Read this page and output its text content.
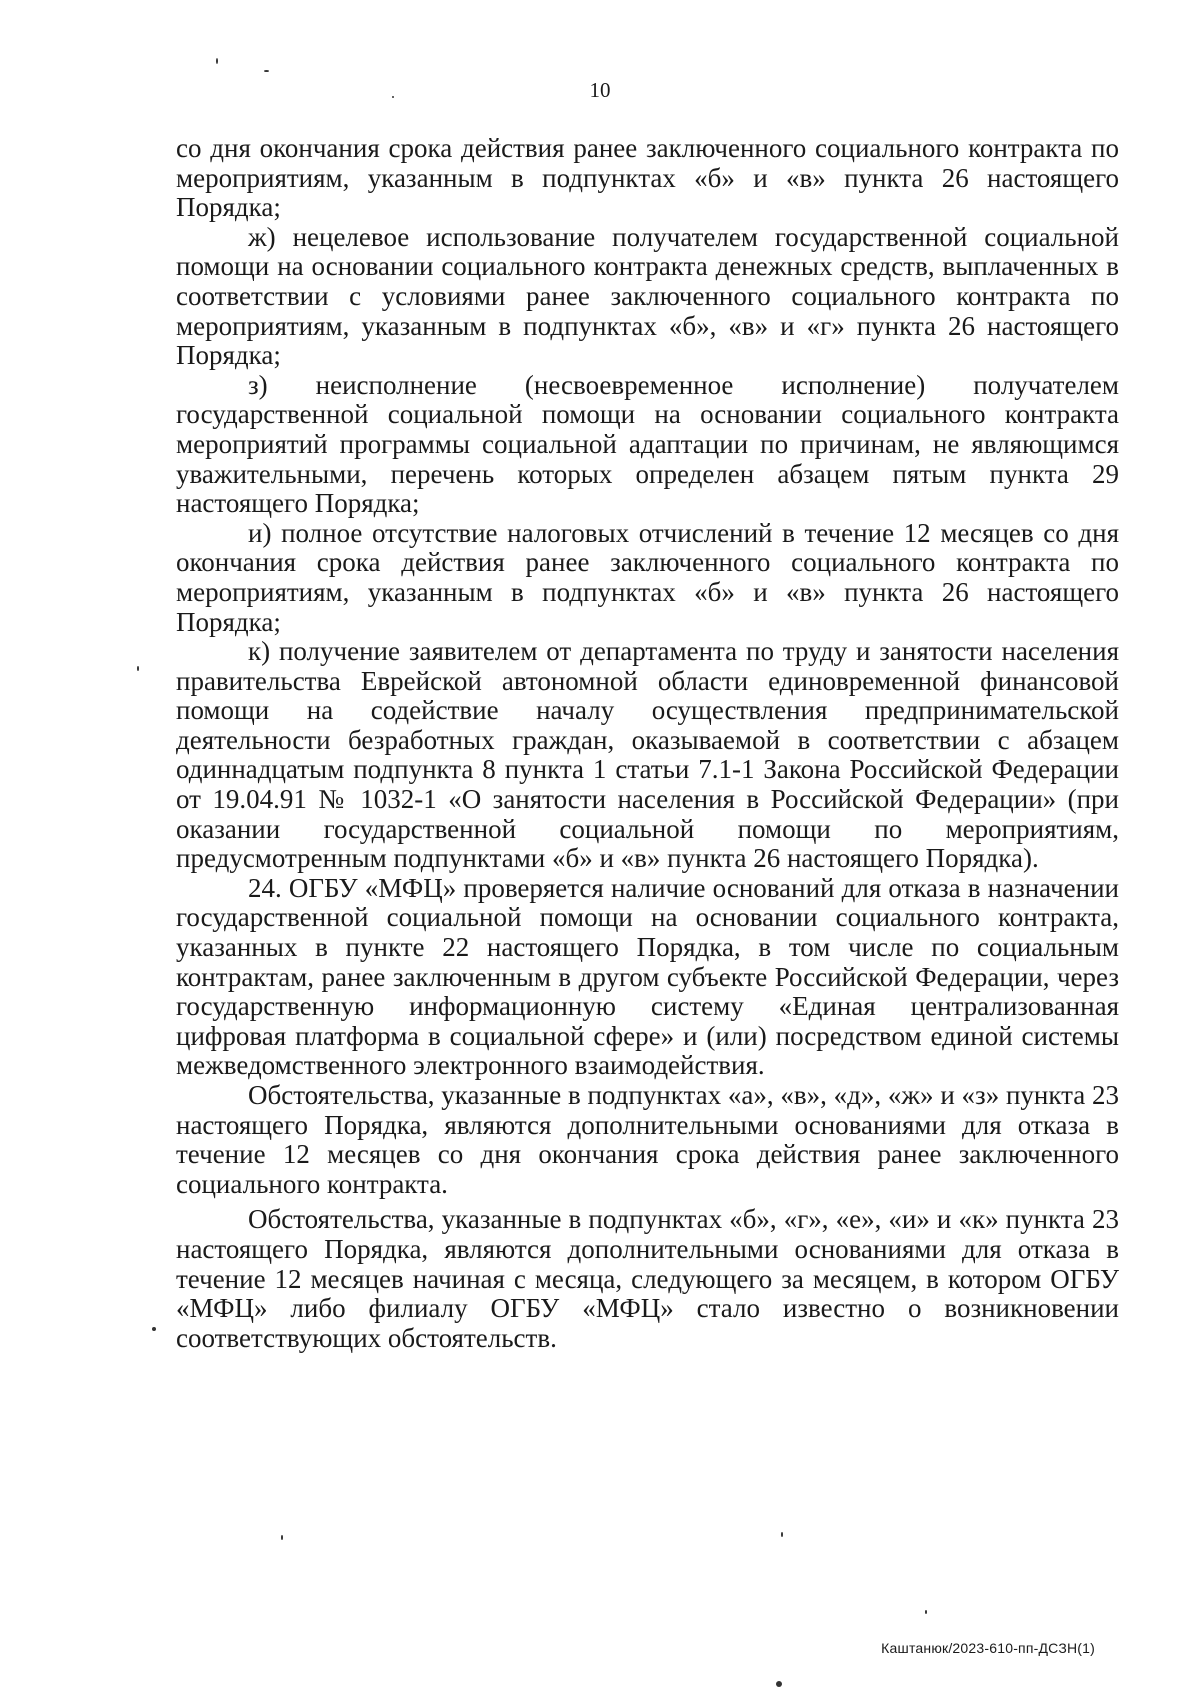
10

со дня окончания срока действия ранее заключенного социального контракта по мероприятиям, указанным в подпунктах «б» и «в» пункта 26 настоящего Порядка;

ж) нецелевое использование получателем государственной социальной помощи на основании социального контракта денежных средств, выплаченных в соответствии с условиями ранее заключенного социального контракта по мероприятиям, указанным в подпунктах «б», «в» и «г» пункта 26 настоящего Порядка;

з) неисполнение (несвоевременное исполнение) получателем государственной социальной помощи на основании социального контракта мероприятий программы социальной адаптации по причинам, не являющимся уважительными, перечень которых определен абзацем пятым пункта 29 настоящего Порядка;

и) полное отсутствие налоговых отчислений в течение 12 месяцев со дня окончания срока действия ранее заключенного социального контракта по мероприятиям, указанным в подпунктах «б» и «в» пункта 26 настоящего Порядка;

к) получение заявителем от департамента по труду и занятости населения правительства Еврейской автономной области единовременной финансовой помощи на содействие началу осуществления предпринимательской деятельности безработных граждан, оказываемой в соответствии с абзацем одиннадцатым подпункта 8 пункта 1 статьи 7.1-1 Закона Российской Федерации от 19.04.91 № 1032-1 «О занятости населения в Российской Федерации» (при оказании государственной социальной помощи по мероприятиям, предусмотренным подпунктами «б» и «в» пункта 26 настоящего Порядка).

24. ОГБУ «МФЦ» проверяется наличие оснований для отказа в назначении государственной социальной помощи на основании социального контракта, указанных в пункте 22 настоящего Порядка, в том числе по социальным контрактам, ранее заключенным в другом субъекте Российской Федерации, через государственную информационную систему «Единая централизованная цифровая платформа в социальной сфере» и (или) посредством единой системы межведомственного электронного взаимодействия.

Обстоятельства, указанные в подпунктах «а», «в», «д», «ж» и «з» пункта 23 настоящего Порядка, являются дополнительными основаниями для отказа в течение 12 месяцев со дня окончания срока действия ранее заключенного социального контракта.

Обстоятельства, указанные в подпунктах «б», «г», «е», «и» и «к» пункта 23 настоящего Порядка, являются дополнительными основаниями для отказа в течение 12 месяцев начиная с месяца, следующего за месяцем, в котором ОГБУ «МФЦ» либо филиалу ОГБУ «МФЦ» стало известно о возникновении соответствующих обстоятельств.

Каштанюк/2023-610-пп-ДСЗН(1)
